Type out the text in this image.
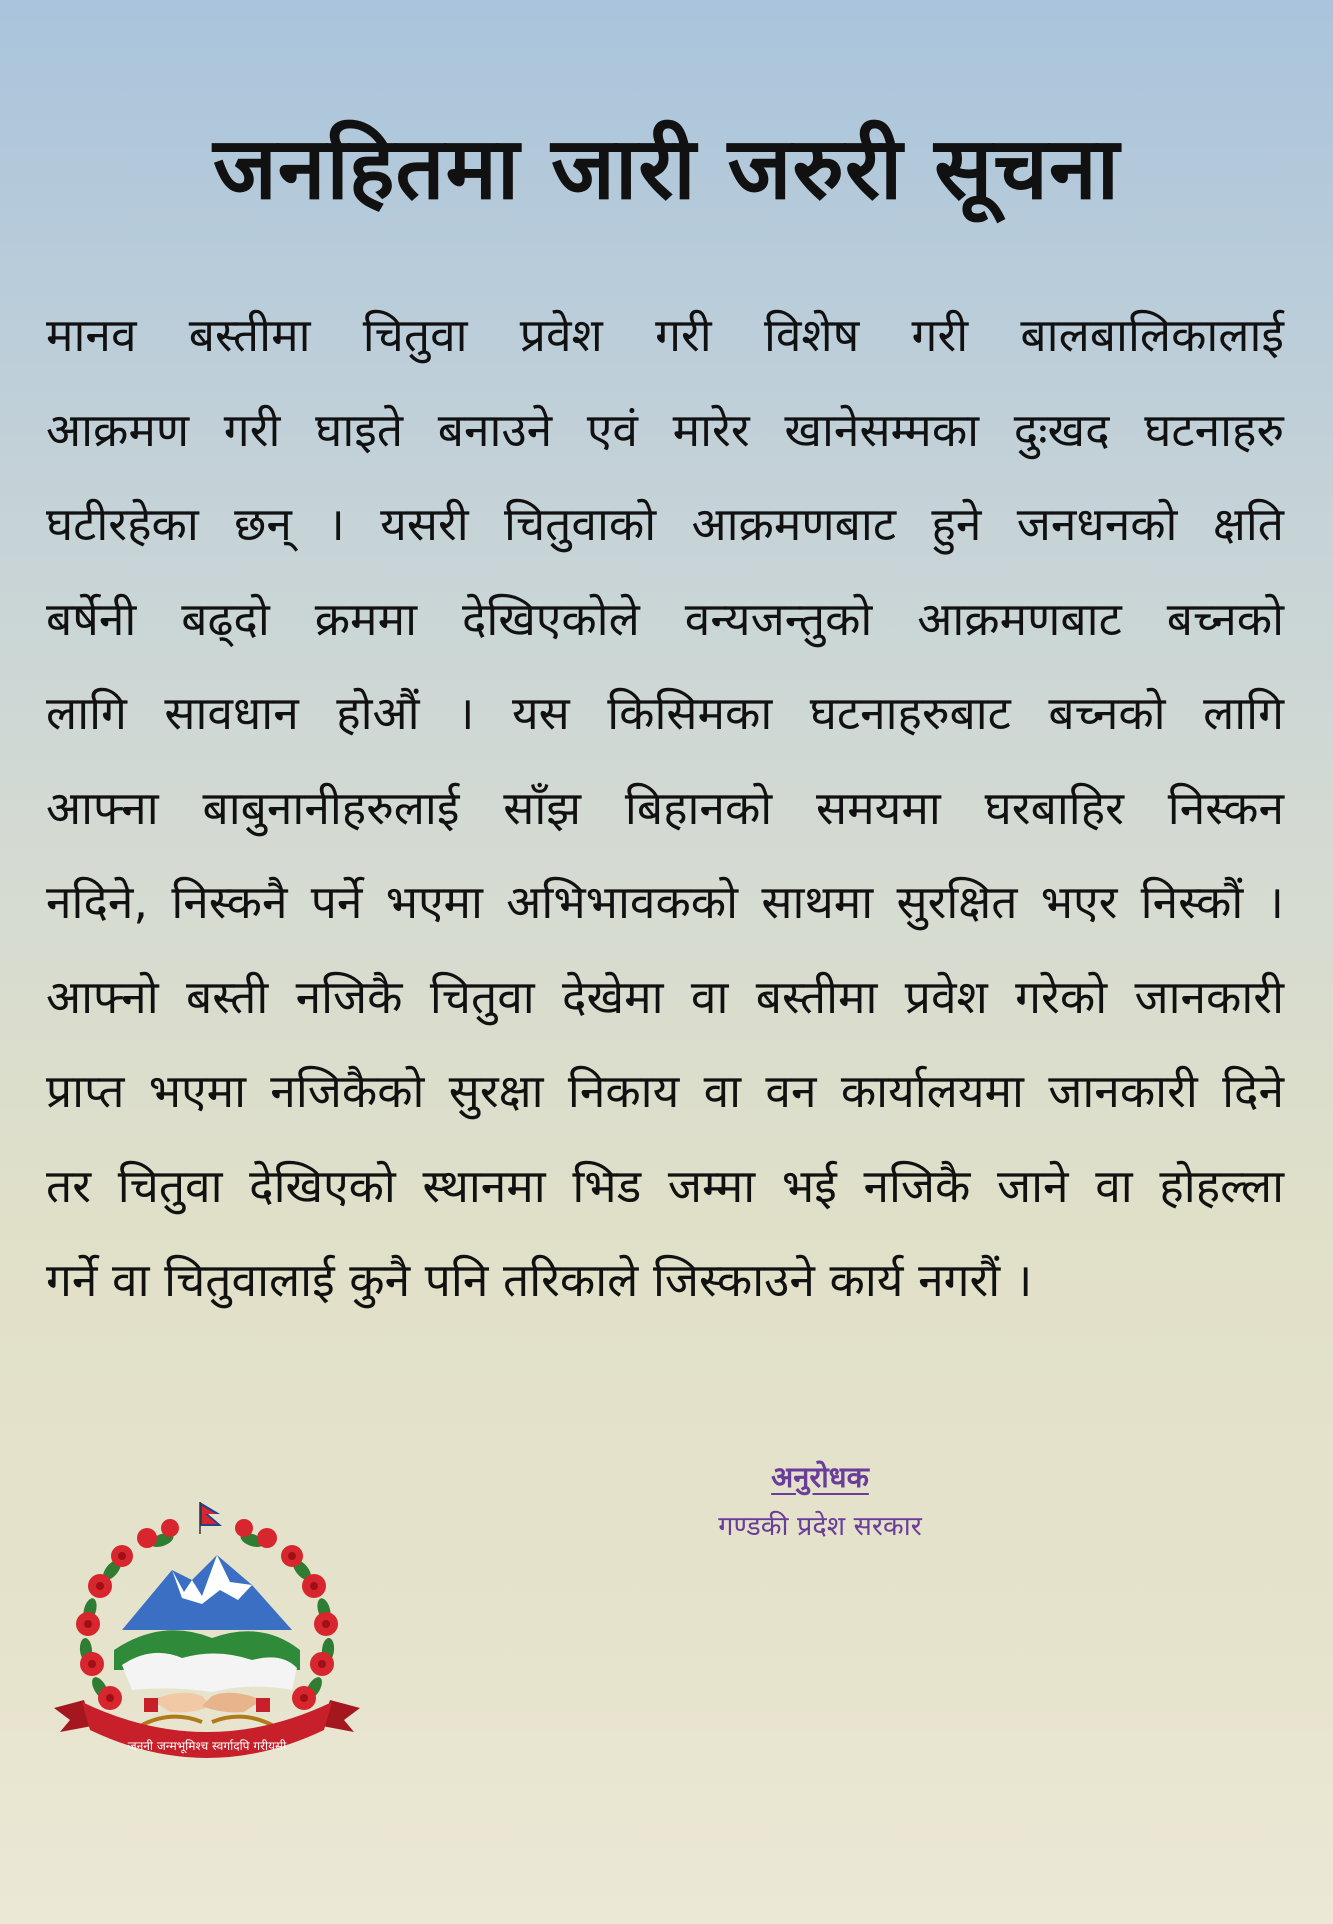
जनहितमा जारी जरुरी सूचना
मानव बस्तीमा चितुवा प्रवेश गरी विशेष गरी बालबालिकालाई
आक्रमण गरी घाइते बनाउने एवं मारेर खानेसम्मका दुःखद घटनाहरु
घटीरहेका छन् । यसरी चितुवाको आक्रमणबाट हुने जनधनको क्षति
बर्षेनी बढ्दो क्रममा देखिएकोले वन्यजन्तुको आक्रमणबाट बच्नको
लागि सावधान होऔं । यस किसिमका घटनाहरुबाट बच्नको लागि
आफ्ना बाबुनानीहरुलाई साँझ बिहानको समयमा घरबाहिर निस्कन
नदिने, निस्कनै पर्ने भएमा अभिभावकको साथमा सुरक्षित भएर निस्कौं ।
आफ्नो बस्ती नजिकै चितुवा देखेमा वा बस्तीमा प्रवेश गरेको जानकारी
प्राप्त भएमा नजिकैको सुरक्षा निकाय वा वन कार्यालयमा जानकारी दिने
तर चितुवा देखिएको स्थानमा भिड जम्मा भई नजिकै जाने वा होहल्ला
गर्ने वा चितुवालाई कुनै पनि तरिकाले जिस्काउने कार्य नगरौं ।
अनुरोधक
गण्डकी प्रदेश सरकार
जननी जन्मभूमिश्च स्वर्गादपि गरीयसी
